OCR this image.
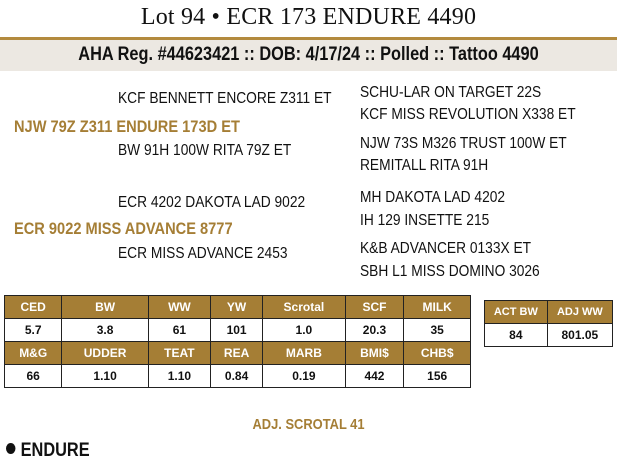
Lot 94 • ECR 173 ENDURE 4490
AHA Reg. #44623421 :: DOB: 4/17/24 :: Polled :: Tattoo 4490
KCF BENNETT ENCORE Z311 ET
NJW 79Z Z311 ENDURE 173D ET
BW 91H 100W RITA 79Z ET
ECR 4202 DAKOTA LAD 9022
ECR 9022 MISS ADVANCE 8777
ECR MISS ADVANCE 2453
SCHU-LAR ON TARGET 22S
KCF MISS REVOLUTION X338 ET
NJW 73S M326 TRUST 100W ET
REMITALL RITA 91H
MH DAKOTA LAD 4202
IH 129 INSETTE 215
K&B ADVANCER 0133X ET
SBH L1 MISS DOMINO 3026
CED	BW	WW	YW	Scrotal	SCF	MILK
5.7	3.8	61	101	1.0	20.3	35
M&G	UDDER	TEAT	REA	MARB	BMI$	CHB$
66	1.10	1.10	0.84	0.19	442	156
ACT BW	ADJ WW
84	801.05
ADJ. SCROTAL 41
ENDURE
